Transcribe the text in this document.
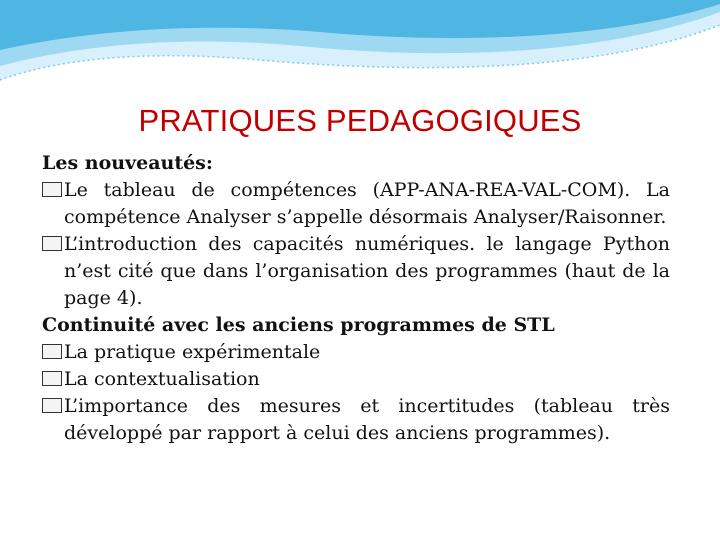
PRATIQUES PEDAGOGIQUES
Les nouveautés:
Le tableau de compétences (APP-ANA-REA-VAL-COM). La compétence Analyser s’appelle désormais Analyser/Raisonner.
L’introduction des capacités numériques. le langage Python n’est cité que dans l’organisation des programmes (haut de la page 4).
Continuité avec les anciens programmes de STL
La pratique expérimentale
La contextualisation
L’importance des mesures et incertitudes (tableau très développé par rapport à celui des anciens programmes).
